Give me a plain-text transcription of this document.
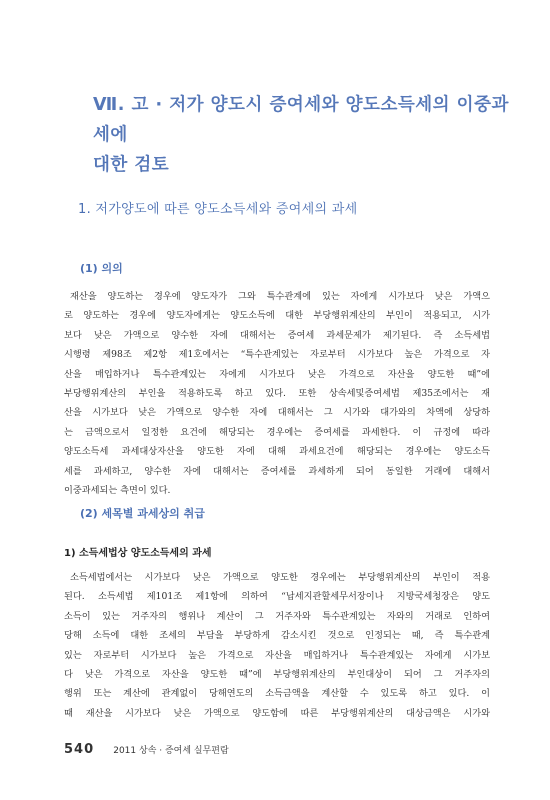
Ⅶ. 고 · 저가 양도시 증여세와 양도소득세의 이중과세에
대한 검토
1. 저가양도에 따른 양도소득세와 증여세의 과세
(1) 의의
재산을 양도하는 경우에 양도자가 그와 특수관계에 있는 자에게 시가보다 낮은 가액으
로 양도하는 경우에 양도자에게는 양도소득에 대한 부당행위계산의 부인이 적용되고, 시가
보다 낮은 가액으로 양수한 자에 대해서는 증여세 과세문제가 제기된다. 즉 소득세법
시행령 제98조 제2항 제1호에서는 “특수관계있는 자로부터 시가보다 높은 가격으로 자
산을 매입하거나 특수관계있는 자에게 시가보다 낮은 가격으로 자산을 양도한 때”에
부당행위계산의 부인을 적용하도록 하고 있다. 또한 상속세및증여세법 제35조에서는 재
산을 시가보다 낮은 가액으로 양수한 자에 대해서는 그 시가와 대가와의 차액에 상당하
는 금액으로서 일정한 요건에 해당되는 경우에는 증여세를 과세한다. 이 규정에 따라
양도소득세 과세대상자산을 양도한 자에 대해 과세요건에 해당되는 경우에는 양도소득
세를 과세하고, 양수한 자에 대해서는 증여세를 과세하게 되어 동일한 거래에 대해서
이중과세되는 측면이 있다.
(2) 세목별 과세상의 취급
1) 소득세법상 양도소득세의 과세
소득세법에서는 시가보다 낮은 가액으로 양도한 경우에는 부당행위계산의 부인이 적용
된다. 소득세법 제101조 제1항에 의하여 “납세지관할세무서장이나 지방국세청장은 양도
소득이 있는 거주자의 행위나 계산이 그 거주자와 특수관계있는 자와의 거래로 인하여
당해 소득에 대한 조세의 부담을 부당하게 감소시킨 것으로 인정되는 때, 즉 특수관계
있는 자로부터 시가보다 높은 가격으로 자산을 매입하거나 특수관계있는 자에게 시가보
다 낮은 가격으로 자산을 양도한 때”에 부당행위계산의 부인대상이 되어 그 거주자의
행위 또는 계산에 관계없이 당해연도의 소득금액을 계산할 수 있도록 하고 있다. 이
때 재산을 시가보다 낮은 가액으로 양도함에 따른 부당행위계산의 대상금액은 시가와
540 2011 상속 · 증여세 실무편람
